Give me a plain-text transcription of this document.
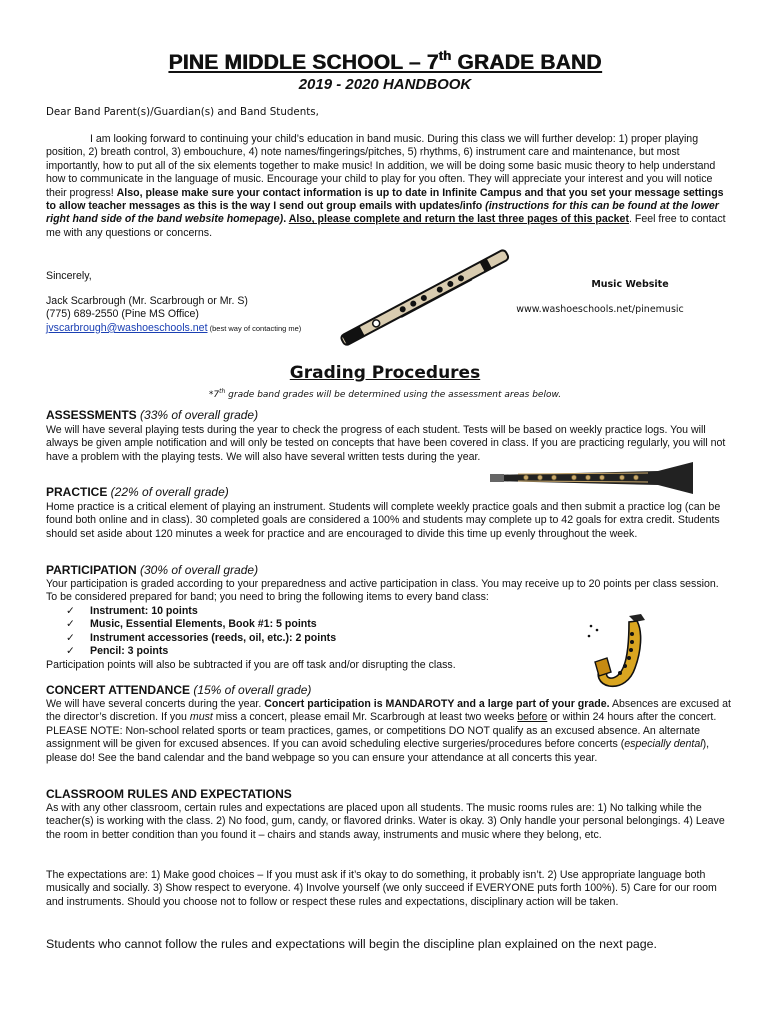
PINE MIDDLE SCHOOL – 7th GRADE BAND
2019 - 2020 HANDBOOK
Dear Band Parent(s)/Guardian(s) and Band Students,

I am looking forward to continuing your child’s education in band music. During this class we will further develop: 1) proper playing position, 2) breath control, 3) embouchure, 4) note names/fingerings/pitches, 5) rhythms, 6) instrument care and maintenance, but most importantly, how to put all of the six elements together to make music! In addition, we will be doing some basic music theory to help understand how to communicate in the language of music. Encourage your child to play for you often. They will appreciate your interest and you will notice their progress! Also, please make sure your contact information is up to date in Infinite Campus and that you set your message settings to allow teacher messages as this is the way I send out group emails with updates/info (instructions for this can be found at the lower right hand side of the band website homepage). Also, please complete and return the last three pages of this packet. Feel free to contact me with any questions or concerns.

Sincerely,
Jack Scarbrough (Mr. Scarbrough or Mr. S)
(775) 689-2550 (Pine MS Office)
jvscarbrough@washoeschools.net (best way of contacting me)
Music Website
www.washoeschools.net/pinemusic
Grading Procedures
*7th grade band grades will be determined using the assessment areas below.
ASSESSMENTS (33% of overall grade)

We will have several playing tests during the year to check the progress of each student. Tests will be based on weekly practice logs. You will always be given ample notification and will only be tested on concepts that have been covered in class. If you are practicing regularly, you will not have a problem with the playing tests. We will also have several written tests during the year.

PRACTICE (22% of overall grade)

Home practice is a critical element of playing an instrument. Students will complete weekly practice goals and then submit a practice log (can be found both online and in class). 30 completed goals are considered a 100% and students may complete up to 42 goals for extra credit. Students should set aside about 120 minutes a week for practice and are encouraged to divide this time up evenly throughout the week.

PARTICIPATION (30% of overall grade)

Your participation is graded according to your preparedness and active participation in class. You may receive up to 20 points per class session. To be considered prepared for band; you need to bring the following items to every band class:

✓ Instrument: 10 points
✓ Music, Essential Elements, Book #1: 5 points
✓ Instrument accessories (reeds, oil, etc.): 2 points
✓ Pencil: 3 points

Participation points will also be subtracted if you are off task and/or disrupting the class.

CONCERT ATTENDANCE (15% of overall grade)

We will have several concerts during the year. Concert participation is MANDAROTY and a large part of your grade. Absences are excused at the director’s discretion. If you must miss a concert, please email Mr. Scarbrough at least two weeks before or within 24 hours after the concert. PLEASE NOTE: Non-school related sports or team practices, games, or competitions DO NOT qualify as an excused absence. An alternate assignment will be given for excused absences. If you can avoid scheduling elective surgeries/procedures before concerts (especially dental), please do! See the band calendar and the band webpage so you can ensure your attendance at all concerts this year.

CLASSROOM RULES AND EXPECTATIONS

As with any other classroom, certain rules and expectations are placed upon all students. The music rooms rules are: 1) No talking while the teacher(s) is working with the class. 2) No food, gum, candy, or flavored drinks. Water is okay. 3) Only handle your personal belongings. 4) Leave the room in better condition than you found it – chairs and stands away, instruments and music where they belong, etc.

The expectations are: 1) Make good choices – If you must ask if it’s okay to do something, it probably isn’t. 2) Use appropriate language both musically and socially. 3) Show respect to everyone. 4) Involve yourself (we only succeed if EVERYONE puts forth 100%). 5) Care for our room and instruments. Should you choose not to follow or respect these rules and expectations, disciplinary action will be taken.

Students who cannot follow the rules and expectations will begin the discipline plan explained on the next page.
